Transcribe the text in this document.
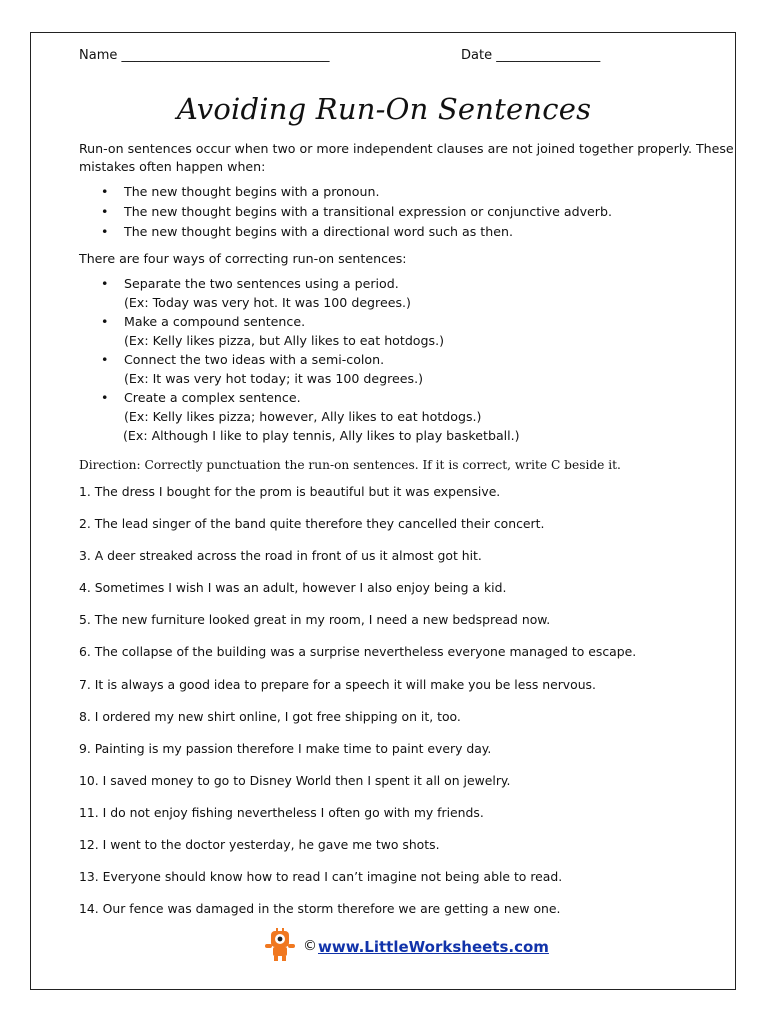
Name ________________________________	Date ________________
Avoiding Run-On Sentences
Run-on sentences occur when two or more independent clauses are not joined together properly. These
mistakes often happen when:
• The new thought begins with a pronoun.
• The new thought begins with a transitional expression or conjunctive adverb.
• The new thought begins with a directional word such as then.
There are four ways of correcting run-on sentences:
• Separate the two sentences using a period.
(Ex: Today was very hot. It was 100 degrees.)
• Make a compound sentence.
(Ex: Kelly likes pizza, but Ally likes to eat hotdogs.)
• Connect the two ideas with a semi-colon.
(Ex: It was very hot today; it was 100 degrees.)
• Create a complex sentence.
(Ex: Kelly likes pizza; however, Ally likes to eat hotdogs.)
(Ex: Although I like to play tennis, Ally likes to play basketball.)
Direction: Correctly punctuation the run-on sentences. If it is correct, write C beside it.
1. The dress I bought for the prom is beautiful but it was expensive.
2. The lead singer of the band quite therefore they cancelled their concert.
3. A deer streaked across the road in front of us it almost got hit.
4. Sometimes I wish I was an adult, however I also enjoy being a kid.
5. The new furniture looked great in my room, I need a new bedspread now.
6. The collapse of the building was a surprise nevertheless everyone managed to escape.
7. It is always a good idea to prepare for a speech it will make you be less nervous.
8. I ordered my new shirt online, I got free shipping on it, too.
9. Painting is my passion therefore I make time to paint every day.
10. I saved money to go to Disney World then I spent it all on jewelry.
11. I do not enjoy fishing nevertheless I often go with my friends.
12. I went to the doctor yesterday, he gave me two shots.
13. Everyone should know how to read I can’t imagine not being able to read.
14. Our fence was damaged in the storm therefore we are getting a new one.
© www.LittleWorksheets.com
